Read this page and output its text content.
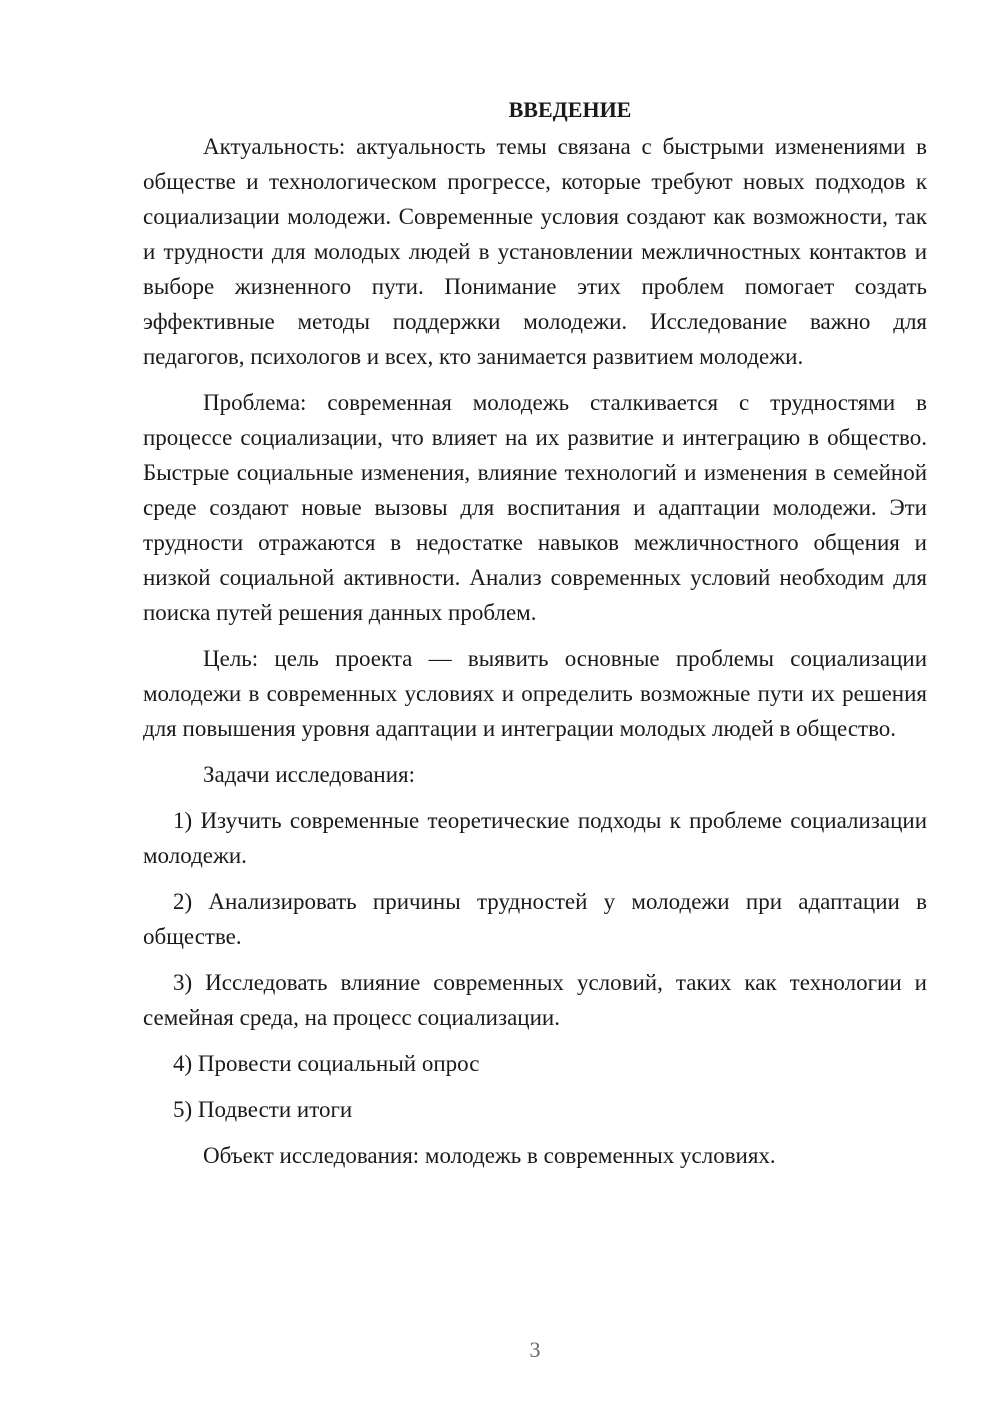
ВВЕДЕНИЕ

Актуальность: актуальность темы связана с быстрыми изменениями в обществе и технологическом прогрессе, которые требуют новых подходов к социализации молодежи. Современные условия создают как возможности, так и трудности для молодых людей в установлении межличностных контактов и выборе жизненного пути. Понимание этих проблем помогает создать эффективные методы поддержки молодежи. Исследование важно для педагогов, психологов и всех, кто занимается развитием молодежи.

Проблема: современная молодежь сталкивается с трудностями в процессе социализации, что влияет на их развитие и интеграцию в общество. Быстрые социальные изменения, влияние технологий и изменения в семейной среде создают новые вызовы для воспитания и адаптации молодежи. Эти трудности отражаются в недостатке навыков межличностного общения и низкой социальной активности. Анализ современных условий необходим для поиска путей решения данных проблем.

Цель: цель проекта — выявить основные проблемы социализации молодежи в современных условиях и определить возможные пути их решения для повышения уровня адаптации и интеграции молодых людей в общество.

Задачи исследования:

1) Изучить современные теоретические подходы к проблеме социализации молодежи.

2) Анализировать причины трудностей у молодежи при адаптации в обществе.

3) Исследовать влияние современных условий, таких как технологии и семейная среда, на процесс социализации.

4) Провести социальный опрос

5) Подвести итоги

Объект исследования: молодежь в современных условиях.

3
